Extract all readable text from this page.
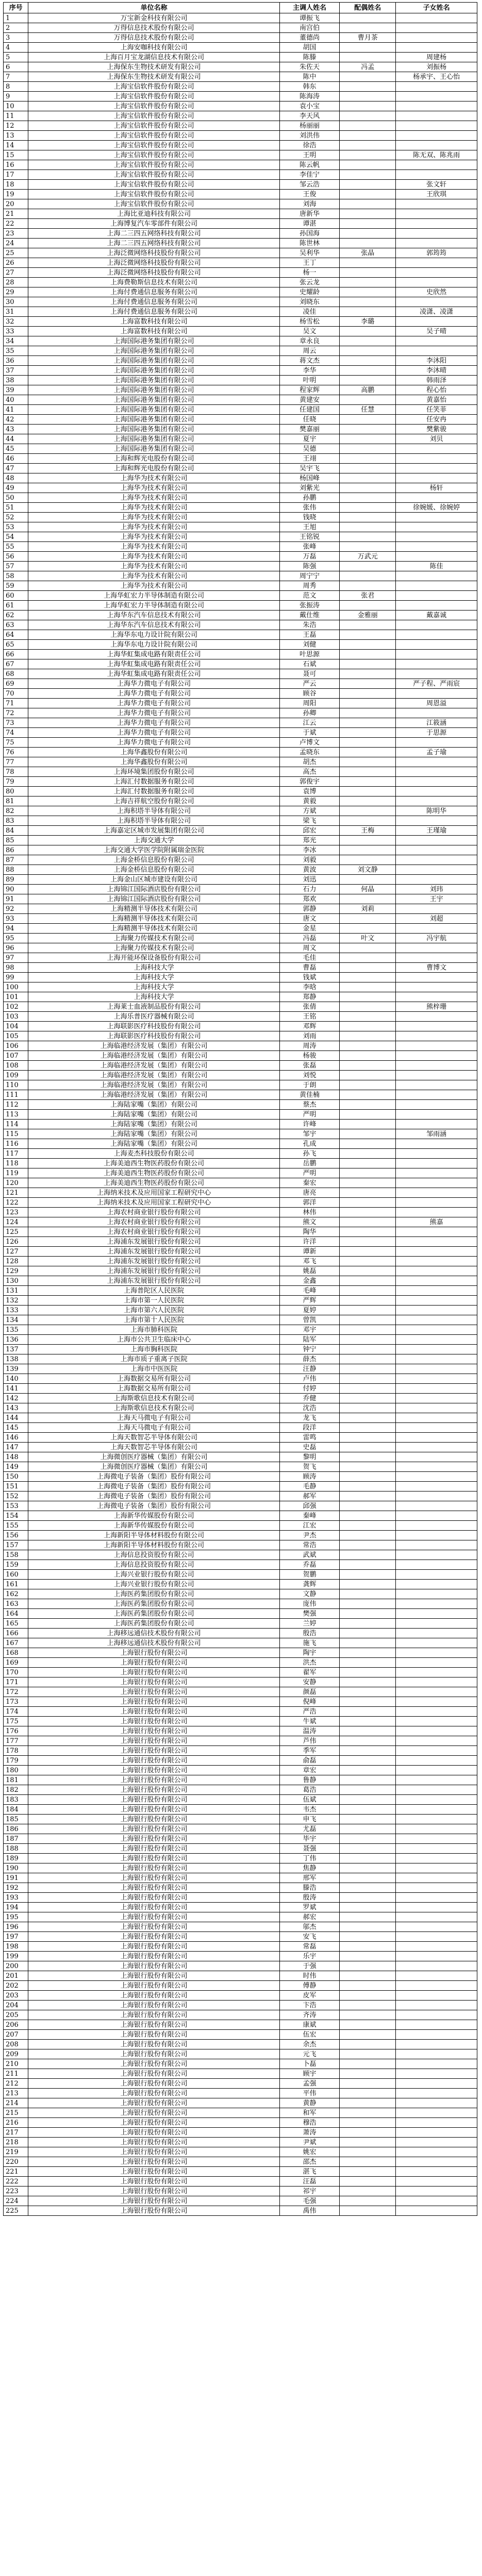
序号	单位名称	主调人姓名	配偶姓名	子女姓名
1	万宝新金科技有限公司	谭振飞		
2	万得信息技术股份有限公司	南宫伯		
3	万得信息技术股份有限公司	董德尚	曹月茶	
4	上海安咖科技有限公司	胡国		
5	上海百月宝龙湖信息技术有限公司	陈滕		周建杨
6	上海保东生物技术研发有限公司	朱佐天	冯孟	刘振杨
7	上海保东生物技术研发有限公司	陈中		杨承宇、王心怡
8	上海宝信软件股份有限公司	韩东		
9	上海宝信软件股份有限公司	陈海涛		
10	上海宝信软件股份有限公司	袁小宝		
11	上海宝信软件股份有限公司	李天风		
12	上海宝信软件股份有限公司	杨丽丽		
13	上海宝信软件股份有限公司	刘洪伟		
14	上海宝信软件股份有限公司	徐浩		
15	上海宝信软件股份有限公司	王明		陈无双、陈兆雨
16	上海宝信软件股份有限公司	陈云帆		
17	上海宝信软件股份有限公司	李佳宁		
18	上海宝信软件股份有限公司	邹云浩		张文轩
19	上海宝信软件股份有限公司	王俊		王欣琪
20	上海宝信软件股份有限公司	刘海		
21	上海比亚迪科技有限公司	唐新华		
22	上海博复汽车零部件有限公司	谭湛		
23	上海二三四五网络科技有限公司	孙国海		
24	上海二三四五网络科技有限公司	陈世林		
25	上海泛微网络科技股份有限公司	吴利华	张晶	郭筠筠
26	上海泛微网络科技股份有限公司	王丁		
27	上海泛微网络科技股份有限公司	杨一		
28	上海费勒斯信息技术有限公司	张云龙		
29	上海付费通信息服务有限公司	史耀龄		史欣然
30	上海付费通信息服务有限公司	刘晓东		
31	上海付费通信息服务有限公司	凌佳		凌潇、凌潇
32	上海富数科技有限公司	杨雪松	李璐	
33	上海富数科技有限公司	吴文		吴子晴
34	上海国际港务集团有限公司	章永良		
35	上海国际港务集团有限公司	周云		
36	上海国际港务集团有限公司	蒋文杰		李沐阳
37	上海国际港务集团有限公司	李华		李沐晴
38	上海国际港务集团有限公司	叶明		韩雨泽
39	上海国际港务集团有限公司	程家辉	高鹏	程心怡
40	上海国际港务集团有限公司	黄建安		黄嘉怡
41	上海国际港务集团有限公司	任建国	任慧	任笑菲
42	上海国际港务集团有限公司	任晓		任安冉
43	上海国际港务集团有限公司	樊嘉丽		樊紫骏
44	上海国际港务集团有限公司	夏宇		刘贝
45	上海国际港务集团有限公司	吴德		
46	上海和辉光电股份有限公司	王翊		
47	上海和辉光电股份有限公司	吴宇飞		
48	上海华为技术有限公司	杨国峰		
49	上海华为技术有限公司	刘紫光		杨轩
50	上海华为技术有限公司	孙鹏		
51	上海华为技术有限公司	张伟		徐婉媛、徐婉婷
52	上海华为技术有限公司	钱晓		
53	上海华为技术有限公司	王旭		
54	上海华为技术有限公司	王铭锐		
55	上海华为技术有限公司	张峰		
56	上海华为技术有限公司	万磊	万武元	
57	上海华为技术有限公司	陈强		陈佳
58	上海华为技术有限公司	周宁宁		
59	上海华为技术有限公司	周秀		
60	上海华虹宏力半导体制造有限公司	范文	张君	
61	上海华虹宏力半导体制造有限公司	张振涛		
62	上海华东汽车信息技术有限公司	戴仕维	金雅丽	戴嘉诚
63	上海华东汽车信息技术有限公司	朱浩		
64	上海华东电力设计院有限公司	王磊		
65	上海华东电力设计院有限公司	刘健		
66	上海华虹集成电路有限责任公司	叶思源		
67	上海华虹集成电路有限责任公司	石斌		
68	上海华虹集成电路有限责任公司	聂可		
69	上海华力微电子有限公司	严云		严子程、严雨宸
70	上海华力微电子有限公司	顾谷		
71	上海华力微电子有限公司	周阳		周恩溢
72	上海华力微电子有限公司	孙卿		
73	上海华力微电子有限公司	江云		江筱涵
74	上海华力微电子有限公司	于斌		于思源
75	上海华力微电子有限公司	卢博文		
76	上海华鑫股份有限公司	孟晓东		孟子瑜
77	上海华鑫股份有限公司	胡杰		
78	上海环境集团股份有限公司	高杰		
79	上海汇付数据服务有限公司	郭俊宇		
80	上海汇付数据服务有限公司	袁博		
81	上海吉祥航空股份有限公司	黄毅		
82	上海积塔半导体有限公司	方斌		陈明华
83	上海积塔半导体有限公司	梁飞		
84	上海嘉定区城市发展集团有限公司	邱宏	王梅	王瑾瑜
85	上海交通大学	郑光		
86	上海交通大学医学院附属瑞金医院	李冰		
87	上海金桥信息股份有限公司	刘毅		
88	上海金桥信息股份有限公司	黄波	刘文静	
89	上海金山区城市建设有限公司	刘迅		
90	上海锦江国际酒店股份有限公司	石力	何晶	刘玮
91	上海锦江国际酒店股份有限公司	郑欢		王宇
92	上海精测半导体技术有限公司	郭静	刘莉	
93	上海精测半导体技术有限公司	唐文		刘超
94	上海精测半导体技术有限公司	金星		
95	上海聚力传媒技术有限公司	冯磊	叶文	冯宇航
96	上海聚力传媒技术有限公司	周文		
97	上海开能环保设备股份有限公司	毛佳		
98	上海科技大学	曹磊		曹博文
99	上海科技大学	钱斌		
100	上海科技大学	李晗		
101	上海科技大学	郑静		
102	上海莱士血液制品股份有限公司	张倩		熊梓珊
103	上海乐普医疗器械有限公司	王铭		
104	上海联影医疗科技股份有限公司	邓辉		
105	上海联影医疗科技股份有限公司	刘雨		
106	上海临港经济发展（集团）有限公司	周涛		
107	上海临港经济发展（集团）有限公司	杨骏		
108	上海临港经济发展（集团）有限公司	张磊		
109	上海临港经济发展（集团）有限公司	刘悦		
110	上海临港经济发展（集团）有限公司	于朗		
111	上海临港经济发展（集团）有限公司	黄佳楠		
112	上海陆家嘴（集团）有限公司	蔡杰		
113	上海陆家嘴（集团）有限公司	严明		
114	上海陆家嘴（集团）有限公司	许峰		
115	上海陆家嘴（集团）有限公司	邹宇		邹雨涵
116	上海陆家嘴（集团）有限公司	孔成		
117	上海麦杰科技股份有限公司	孙飞		
118	上海美迪西生物医药股份有限公司	岳鹏		
119	上海美迪西生物医药股份有限公司	严明		
120	上海美迪西生物医药股份有限公司	秦宏		
121	上海纳米技术及应用国家工程研究中心	唐亮		
122	上海纳米技术及应用国家工程研究中心	郭洋		
123	上海农村商业银行股份有限公司	林伟		
124	上海农村商业银行股份有限公司	熊文		熊嘉
125	上海农村商业银行股份有限公司	陶华		
126	上海浦东发展银行股份有限公司	许洋		
127	上海浦东发展银行股份有限公司	谭新		
128	上海浦东发展银行股份有限公司	邓飞		
129	上海浦东发展银行股份有限公司	姚磊		
130	上海浦东发展银行股份有限公司	金鑫		
131	上海普陀区人民医院	毛峰		
132	上海市第一人民医院	严辉		
133	上海市第六人民医院	夏婷		
134	上海市第十人民医院	曾凯		
135	上海市肺科医院	邓宇		
136	上海市公共卫生临床中心	陆军		
137	上海市胸科医院	钟宁		
138	上海市质子重离子医院	薛杰		
139	上海市中医医院	汪静		
140	上海数据交易所有限公司	卢伟		
141	上海数据交易所有限公司	付婷		
142	上海斯歌信息技术有限公司	乔健		
143	上海斯歌信息技术有限公司	沈浩		
144	上海天马微电子有限公司	龙飞		
145	上海天马微电子有限公司	段洋		
146	上海天数智芯半导体有限公司	雷鸣		
147	上海天数智芯半导体有限公司	史磊		
148	上海微创医疗器械（集团）有限公司	黎明		
149	上海微创医疗器械（集团）有限公司	贺飞		
150	上海微电子装备（集团）股份有限公司	顾涛		
151	上海微电子装备（集团）股份有限公司	毛静		
152	上海微电子装备（集团）股份有限公司	郝军		
153	上海微电子装备（集团）股份有限公司	邱强		
154	上海新华传媒股份有限公司	秦峰		
155	上海新华传媒股份有限公司	江宏		
156	上海新阳半导体材料股份有限公司	尹杰		
157	上海新阳半导体材料股份有限公司	常浩		
158	上海信息投资股份有限公司	武斌		
159	上海信息投资股份有限公司	乔磊		
160	上海兴业银行股份有限公司	贺鹏		
161	上海兴业银行股份有限公司	龚辉		
162	上海医药集团股份有限公司	文静		
163	上海医药集团股份有限公司	庞伟		
164	上海医药集团股份有限公司	樊强		
165	上海医药集团股份有限公司	兰婷		
166	上海移远通信技术股份有限公司	殷浩		
167	上海移远通信技术股份有限公司	施飞		
168	上海银行股份有限公司	陶宇		
169	上海银行股份有限公司	洪杰		
170	上海银行股份有限公司	翟军		
171	上海银行股份有限公司	安静		
172	上海银行股份有限公司	颜磊		
173	上海银行股份有限公司	倪峰		
174	上海银行股份有限公司	严浩		
175	上海银行股份有限公司	牛斌		
176	上海银行股份有限公司	温涛		
177	上海银行股份有限公司	芦伟		
178	上海银行股份有限公司	季军		
179	上海银行股份有限公司	俞磊		
180	上海银行股份有限公司	章宏		
181	上海银行股份有限公司	鲁静		
182	上海银行股份有限公司	葛浩		
183	上海银行股份有限公司	伍斌		
184	上海银行股份有限公司	韦杰		
185	上海银行股份有限公司	申飞		
186	上海银行股份有限公司	尤磊		
187	上海银行股份有限公司	毕宇		
188	上海银行股份有限公司	聂强		
189	上海银行股份有限公司	丁伟		
190	上海银行股份有限公司	焦静		
191	上海银行股份有限公司	邢军		
192	上海银行股份有限公司	滕浩		
193	上海银行股份有限公司	殷涛		
194	上海银行股份有限公司	罗斌		
195	上海银行股份有限公司	郝宏		
196	上海银行股份有限公司	邬杰		
197	上海银行股份有限公司	安飞		
198	上海银行股份有限公司	常磊		
199	上海银行股份有限公司	乐宇		
200	上海银行股份有限公司	于强		
201	上海银行股份有限公司	时伟		
202	上海银行股份有限公司	傅静		
203	上海银行股份有限公司	皮军		
204	上海银行股份有限公司	卞浩		
205	上海银行股份有限公司	齐涛		
206	上海银行股份有限公司	康斌		
207	上海银行股份有限公司	伍宏		
208	上海银行股份有限公司	余杰		
209	上海银行股份有限公司	元飞		
210	上海银行股份有限公司	卜磊		
211	上海银行股份有限公司	顾宇		
212	上海银行股份有限公司	孟强		
213	上海银行股份有限公司	平伟		
214	上海银行股份有限公司	黄静		
215	上海银行股份有限公司	和军		
216	上海银行股份有限公司	穆浩		
217	上海银行股份有限公司	萧涛		
218	上海银行股份有限公司	尹斌		
219	上海银行股份有限公司	姚宏		
220	上海银行股份有限公司	邵杰		
221	上海银行股份有限公司	湛飞		
222	上海银行股份有限公司	汪磊		
223	上海银行股份有限公司	祁宇		
224	上海银行股份有限公司	毛强		
225	上海银行股份有限公司	禹伟		
